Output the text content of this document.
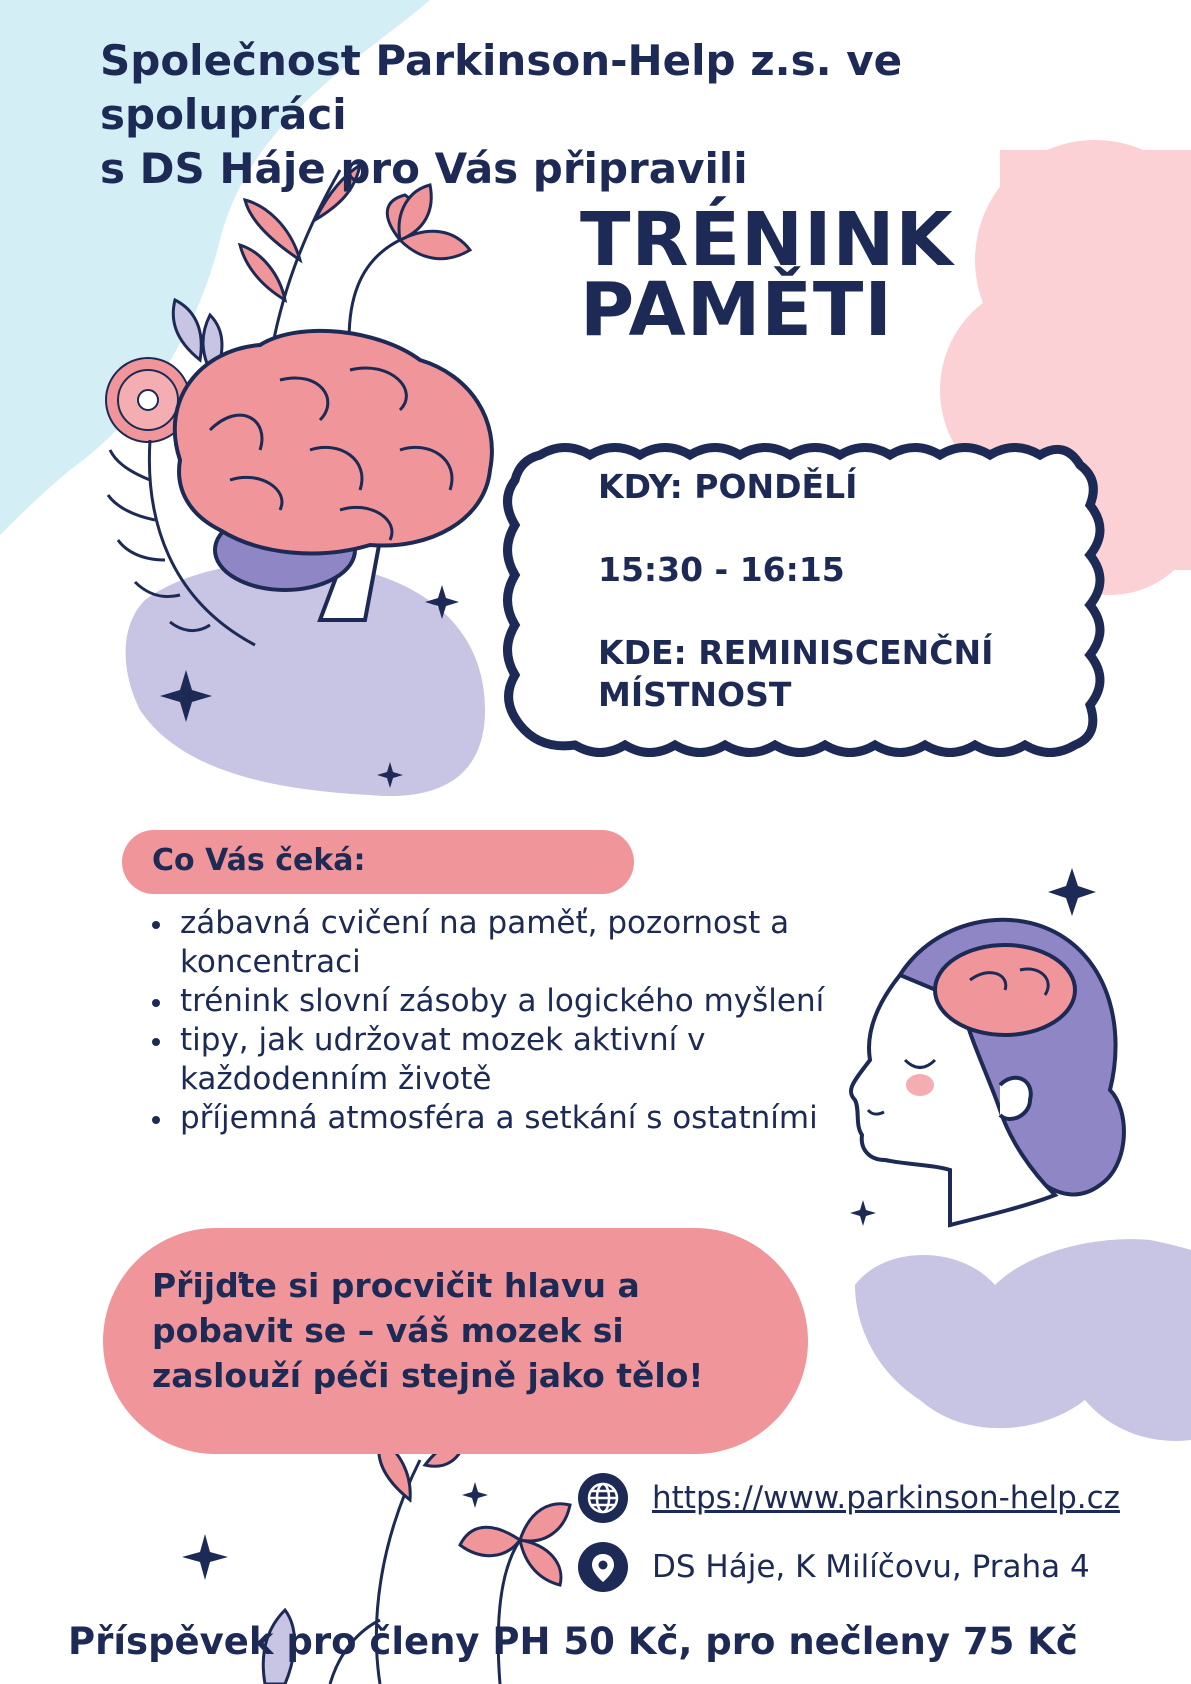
Společnost Parkinson-Help z.s. ve spolupráci
s DS Háje pro Vás připravili
TRÉNINK
PAMĚTI
KDY: PONDĚLÍ
15:30 - 16:15
KDE: REMINISCENČNÍ
MÍSTNOST
Co Vás čeká:
zábavná cvičení na paměť, pozornost a koncentraci
trénink slovní zásoby a logického myšlení
tipy, jak udržovat mozek aktivní v každodenním životě
příjemná atmosféra a setkání s ostatními

Přijďte si procvičit hlavu a
pobavit se – váš mozek si
zaslouží péči stejně jako tělo!

https://www.parkinson-help.cz
DS Háje, K Milíčovu, Praha 4
Příspěvek pro členy PH 50 Kč, pro nečleny 75 Kč
